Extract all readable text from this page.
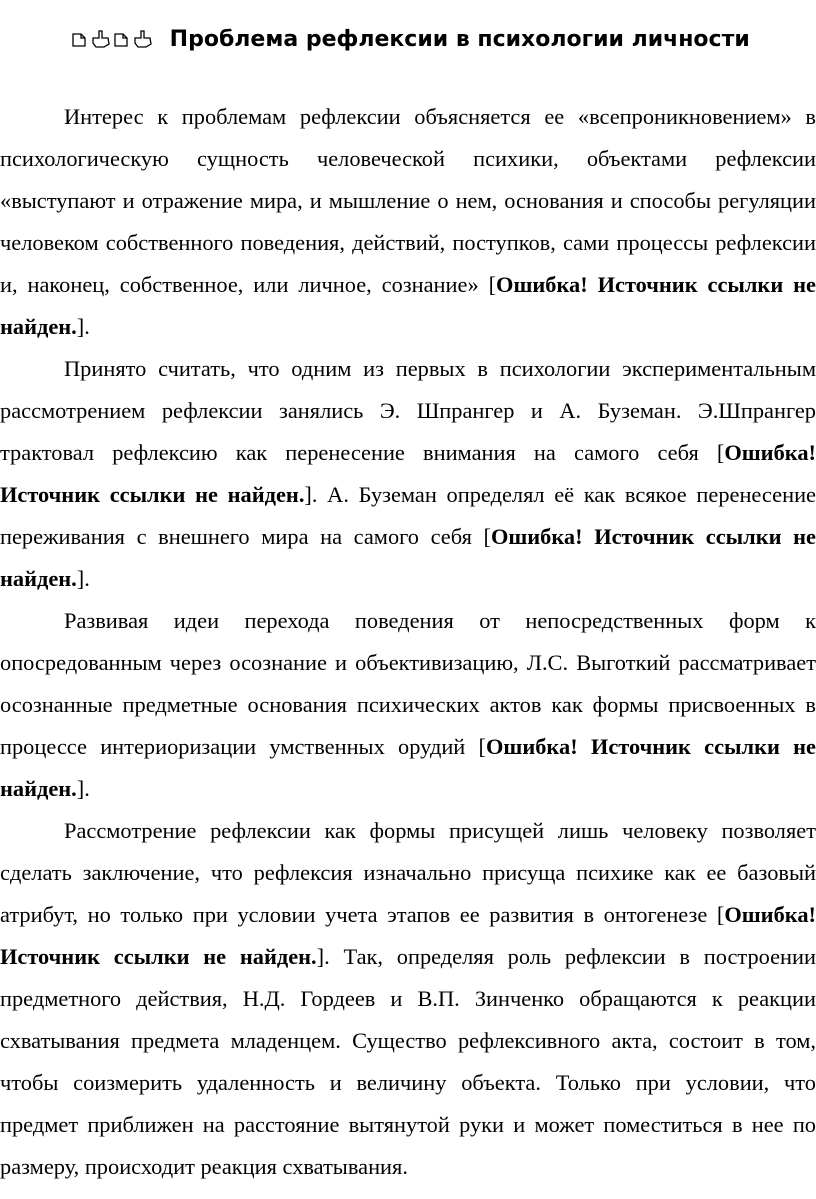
Проблема рефлексии в психологии личности

Интерес к проблемам рефлексии объясняется ее «всепроникновением» в психологическую сущность человеческой психики, объектами рефлексии «выступают и отражение мира, и мышление о нем, основания и способы регуляции человеком собственного поведения, действий, поступков, сами процессы рефлексии и, наконец, собственное, или личное, сознание» [Ошибка! Источник ссылки не найден.].

Принято считать, что одним из первых в психологии экспериментальным рассмотрением рефлексии занялись Э. Шпрангер и А. Буземан. Э.Шпрангер трактовал рефлексию как перенесение внимания на самого себя [Ошибка! Источник ссылки не найден.]. А. Буземан определял её как всякое перенесение переживания с внешнего мира на самого себя [Ошибка! Источник ссылки не найден.].

Развивая идеи перехода поведения от непосредственных форм к опосредованным через осознание и объективизацию, Л.С. Выготкий рассматривает осознанные предметные основания психических актов как формы присвоенных в процессе интериоризации умственных орудий [Ошибка! Источник ссылки не найден.].

Рассмотрение рефлексии как формы присущей лишь человеку позволяет сделать заключение, что рефлексия изначально присуща психике как ее базовый атрибут, но только при условии учета этапов ее развития в онтогенезе [Ошибка! Источник ссылки не найден.]. Так, определяя роль рефлексии в построении предметного действия, Н.Д. Гордеев и В.П. Зинченко обращаются к реакции схватывания предмета младенцем. Существо рефлексивного акта, состоит в том, чтобы соизмерить удаленность и величину объекта. Только при условии, что предмет приближен на расстояние вытянутой руки и может поместиться в нее по размеру, происходит реакция схватывания.
